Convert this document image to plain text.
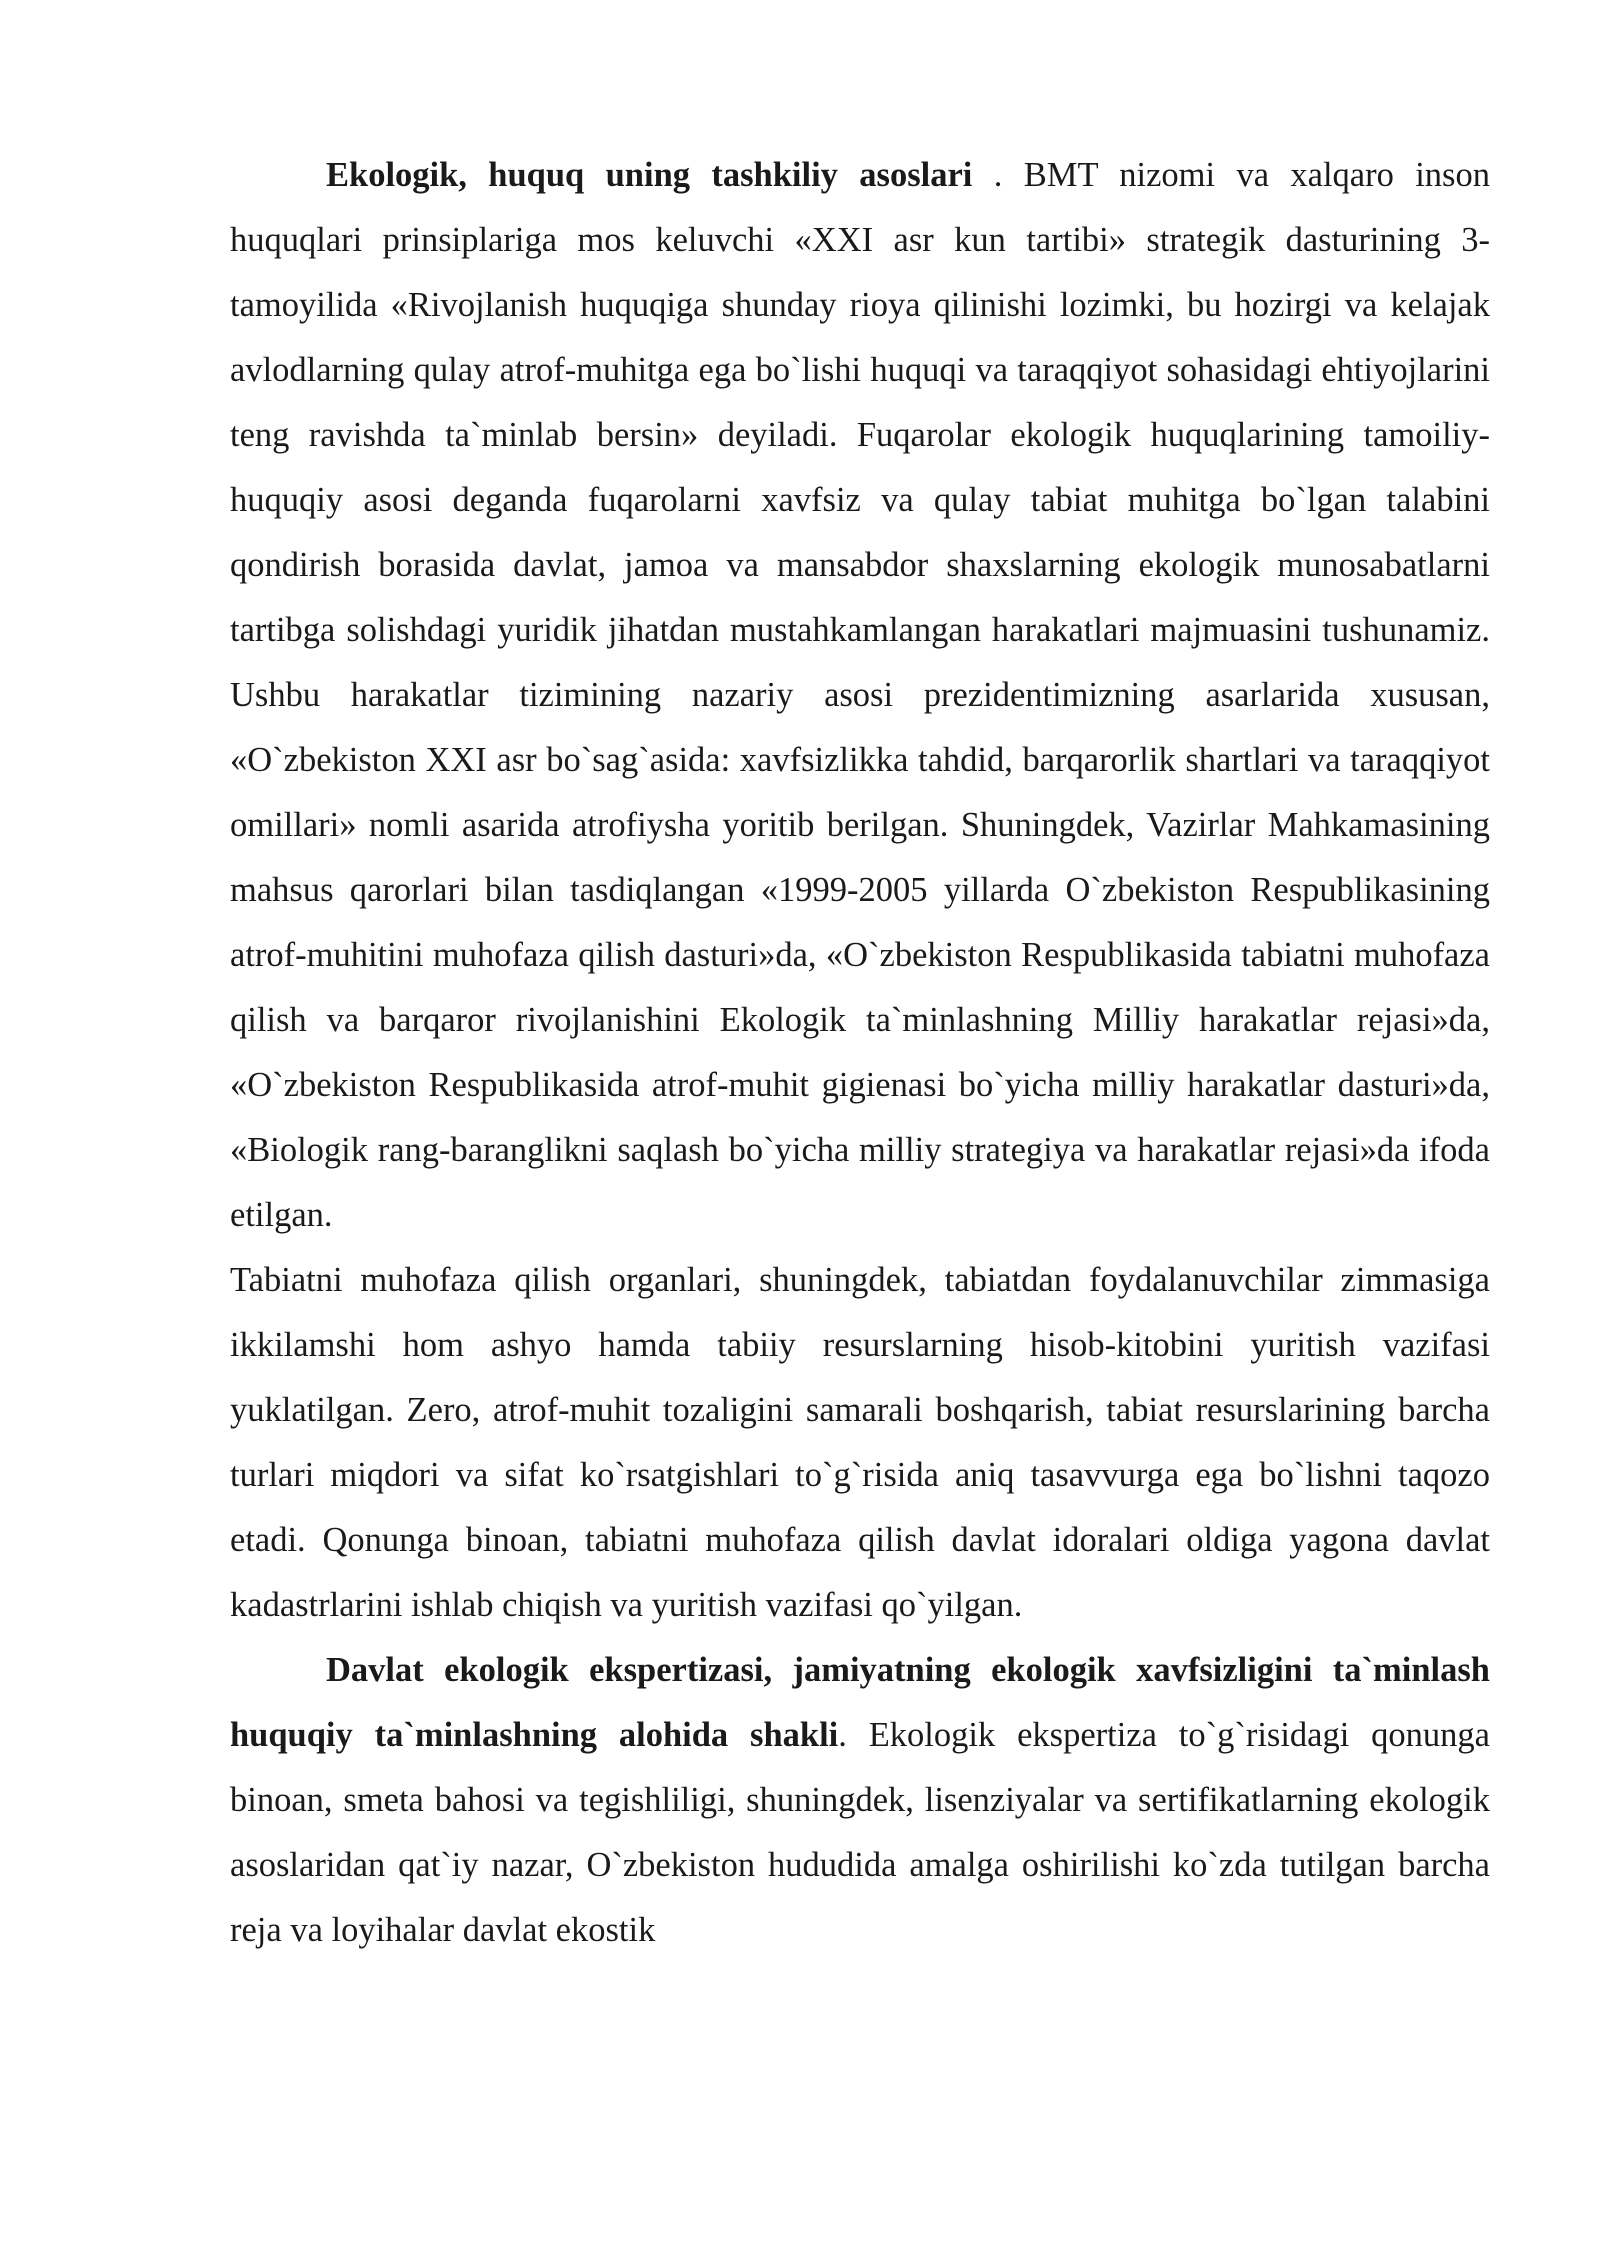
Ekologik, huquq uning tashkiliy asoslari . BMT nizomi va xalqaro inson huquqlari prinsiplariga mos keluvchi «XXI asr kun tartibi» strategik dasturining 3-tamoyilida «Rivojlanish huquqiga shunday rioya qilinishi lozimki, bu hozirgi va kelajak avlodlarning qulay atrof-muhitga ega bo`lishi huquqi va taraqqiyot sohasidagi ehtiyojlarini teng ravishda ta`minlab bersin» deyiladi. Fuqarolar ekologik huquqlarining tamoiliy-huquqiy asosi deganda fuqarolarni xavfsiz va qulay tabiat muhitga bo`lgan talabini qondirish borasida davlat, jamoa va mansabdor shaxslarning ekologik munosabatlarni tartibga solishdagi yuridik jihatdan mustahkamlangan harakatlari majmuasini tushunamiz. Ushbu harakatlar tizimining nazariy asosi prezidentimizning asarlarida xususan, «O`zbekiston XXI asr bo`sag`asida: xavfsizlikka tahdid, barqarorlik shartlari va taraqqiyot omillari» nomli asarida atrofiysha yoritib berilgan. Shuningdek, Vazirlar Mahkamasining mahsus qarorlari bilan tasdiqlangan «1999-2005 yillarda O`zbekiston Respublikasining atrof-muhitini muhofaza qilish dasturi»da, «O`zbekiston Respublikasida tabiatni muhofaza qilish va barqaror rivojlanishini Ekologik ta`minlashning Milliy harakatlar rejasi»da, «O`zbekiston Respublikasida atrof-muhit gigienasi bo`yicha milliy harakatlar dasturi»da, «Biologik rang-baranglikni saqlash bo`yicha milliy strategiya va harakatlar rejasi»da ifoda etilgan.

Tabiatni muhofaza qilish organlari, shuningdek, tabiatdan foydalanuvchilar zimmasiga ikkilamshi hom ashyo hamda tabiiy resurslarning hisob-kitobini yuritish vazifasi yuklatilgan. Zero, atrof-muhit tozaligini samarali boshqarish, tabiat resurslarining barcha turlari miqdori va sifat ko`rsatgishlari to`g`risida aniq tasavvurga ega bo`lishni taqozo etadi. Qonunga binoan, tabiatni muhofaza qilish davlat idoralari oldiga yagona davlat kadastrlarini ishlab chiqish va yuritish vazifasi qo`yilgan.

Davlat ekologik ekspertizasi, jamiyatning ekologik xavfsizligini ta`minlash huquqiy ta`minlashning alohida shakli. Ekologik ekspertiza to`g`risidagi qonunga binoan, smeta bahosi va tegishliligi, shuningdek, lisenziyalar va sertifikatlarning ekologik asoslaridan qat`iy nazar, O`zbekiston hududida amalga oshirilishi ko`zda tutilgan barcha reja va loyihalar davlat ekostik
